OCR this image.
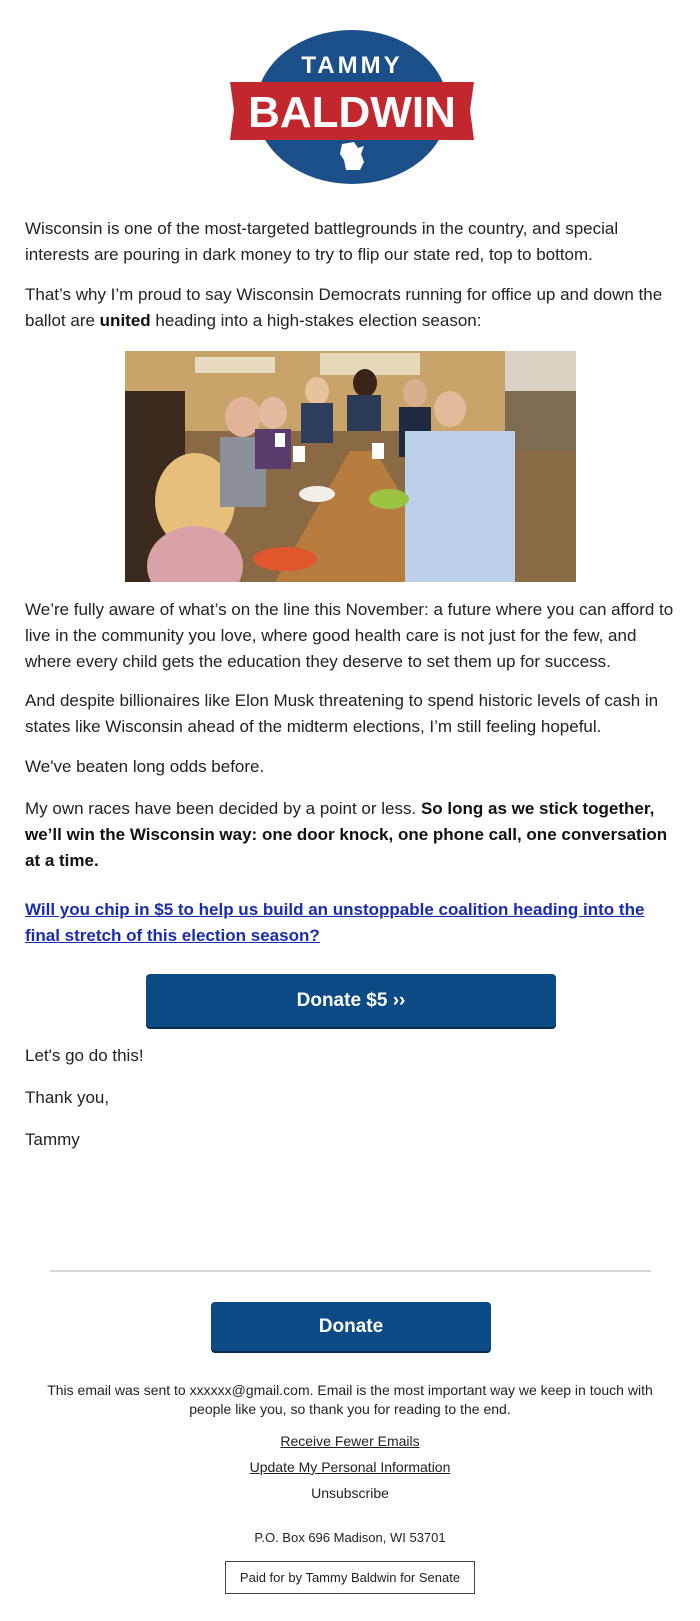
TAMMY
BALDWIN

Wisconsin is one of the most-targeted battlegrounds in the country, and special interests are pouring in dark money to try to flip our state red, top to bottom.

That’s why I’m proud to say Wisconsin Democrats running for office up and down the ballot are united heading into a high-stakes election season:

We’re fully aware of what’s on the line this November: a future where you can afford to live in the community you love, where good health care is not just for the few, and where every child gets the education they deserve to set them up for success.

And despite billionaires like Elon Musk threatening to spend historic levels of cash in states like Wisconsin ahead of the midterm elections, I’m still feeling hopeful.

We've beaten long odds before.

My own races have been decided by a point or less. So long as we stick together, we’ll win the Wisconsin way: one door knock, one phone call, one conversation at a time.

Will you chip in $5 to help us build an unstoppable coalition heading into the final stretch of this election season?
Donate $5 ››

Let's go do this!

Thank you,

Tammy

Donate
This email was sent to xxxxxx@gmail.com. Email is the most important way we keep in touch with people like you, so thank you for reading to the end.
Receive Fewer Emails
Update My Personal Information
Unsubscribe
P.O. Box 696 Madison, WI 53701
Paid for by Tammy Baldwin for Senate
